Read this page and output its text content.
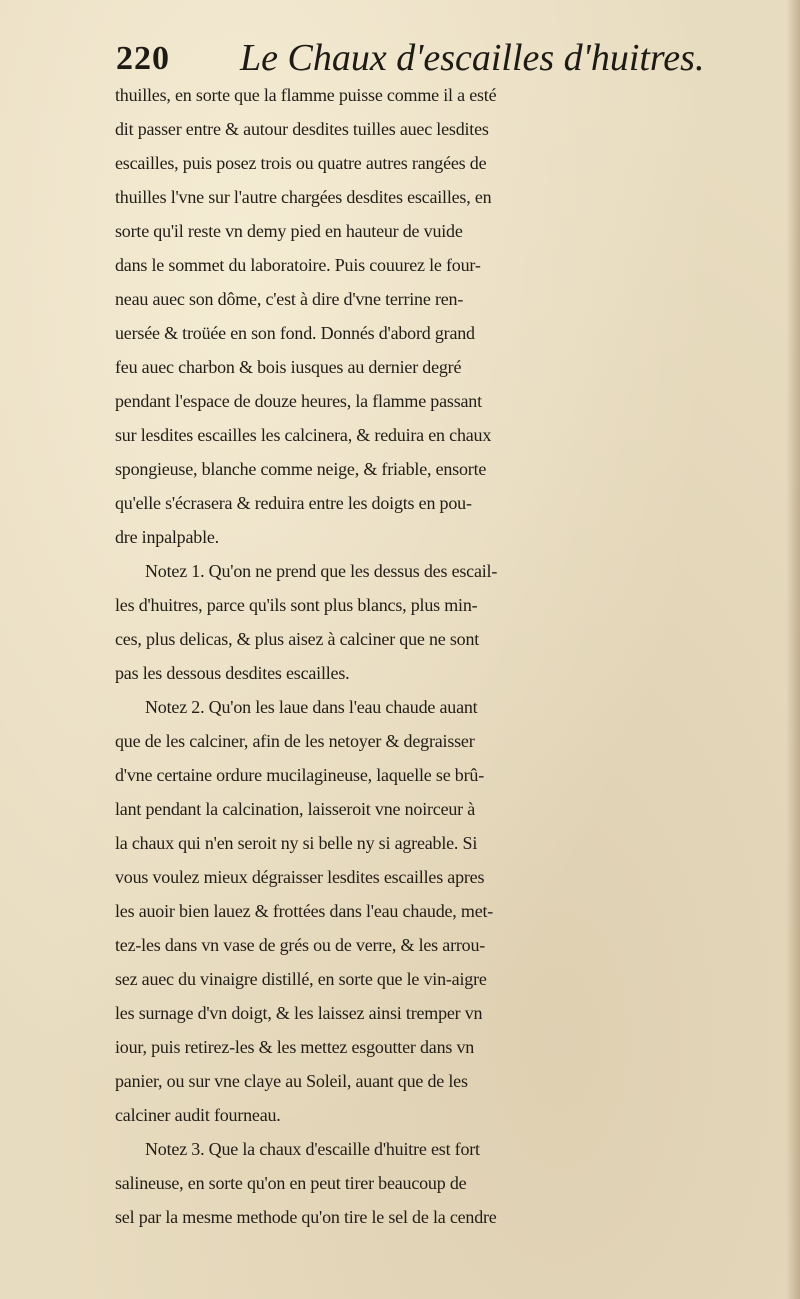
220 Le Chaux d'escailles d'huitres.
thuilles, en sorte que la flamme puisse comme il a esté
dit passer entre & autour desdites tuilles auec lesdites
escailles, puis posez trois ou quatre autres rangées de
thuilles l'vne sur l'autre chargées desdites escailles, en
sorte qu'il reste vn demy pied en hauteur de vuide
dans le sommet du laboratoire. Puis couurez le four-
neau auec son dôme, c'est à dire d'vne terrine ren-
uersée & troüée en son fond. Donnés d'abord grand
feu auec charbon & bois iusques au dernier degré
pendant l'espace de douze heures, la flamme passant
sur lesdites escailles les calcinera, & reduira en chaux
spongieuse, blanche comme neige, & friable, ensorte
qu'elle s'écrasera & reduira entre les doigts en pou-
dre inpalpable.
Notez 1. Qu'on ne prend que les dessus des escail-
les d'huitres, parce qu'ils sont plus blancs, plus min-
ces, plus delicas, & plus aisez à calciner que ne sont
pas les dessous desdites escailles.
Notez 2. Qu'on les laue dans l'eau chaude auant
que de les calciner, afin de les netoyer & degraisser
d'vne certaine ordure mucilagineuse, laquelle se brû-
lant pendant la calcination, laisseroit vne noirceur à
la chaux qui n'en seroit ny si belle ny si agreable. Si
vous voulez mieux dégraisser lesdites escailles apres
les auoir bien lauez & frottées dans l'eau chaude, met-
tez-les dans vn vase de grés ou de verre, & les arrou-
sez auec du vinaigre distillé, en sorte que le vin-aigre
les surnage d'vn doigt, & les laissez ainsi tremper vn
iour, puis retirez-les & les mettez esgoutter dans vn
panier, ou sur vne claye au Soleil, auant que de les
calciner audit fourneau.
Notez 3. Que la chaux d'escaille d'huitre est fort
salineuse, en sorte qu'on en peut tirer beaucoup de
sel par la mesme methode qu'on tire le sel de la cendre
